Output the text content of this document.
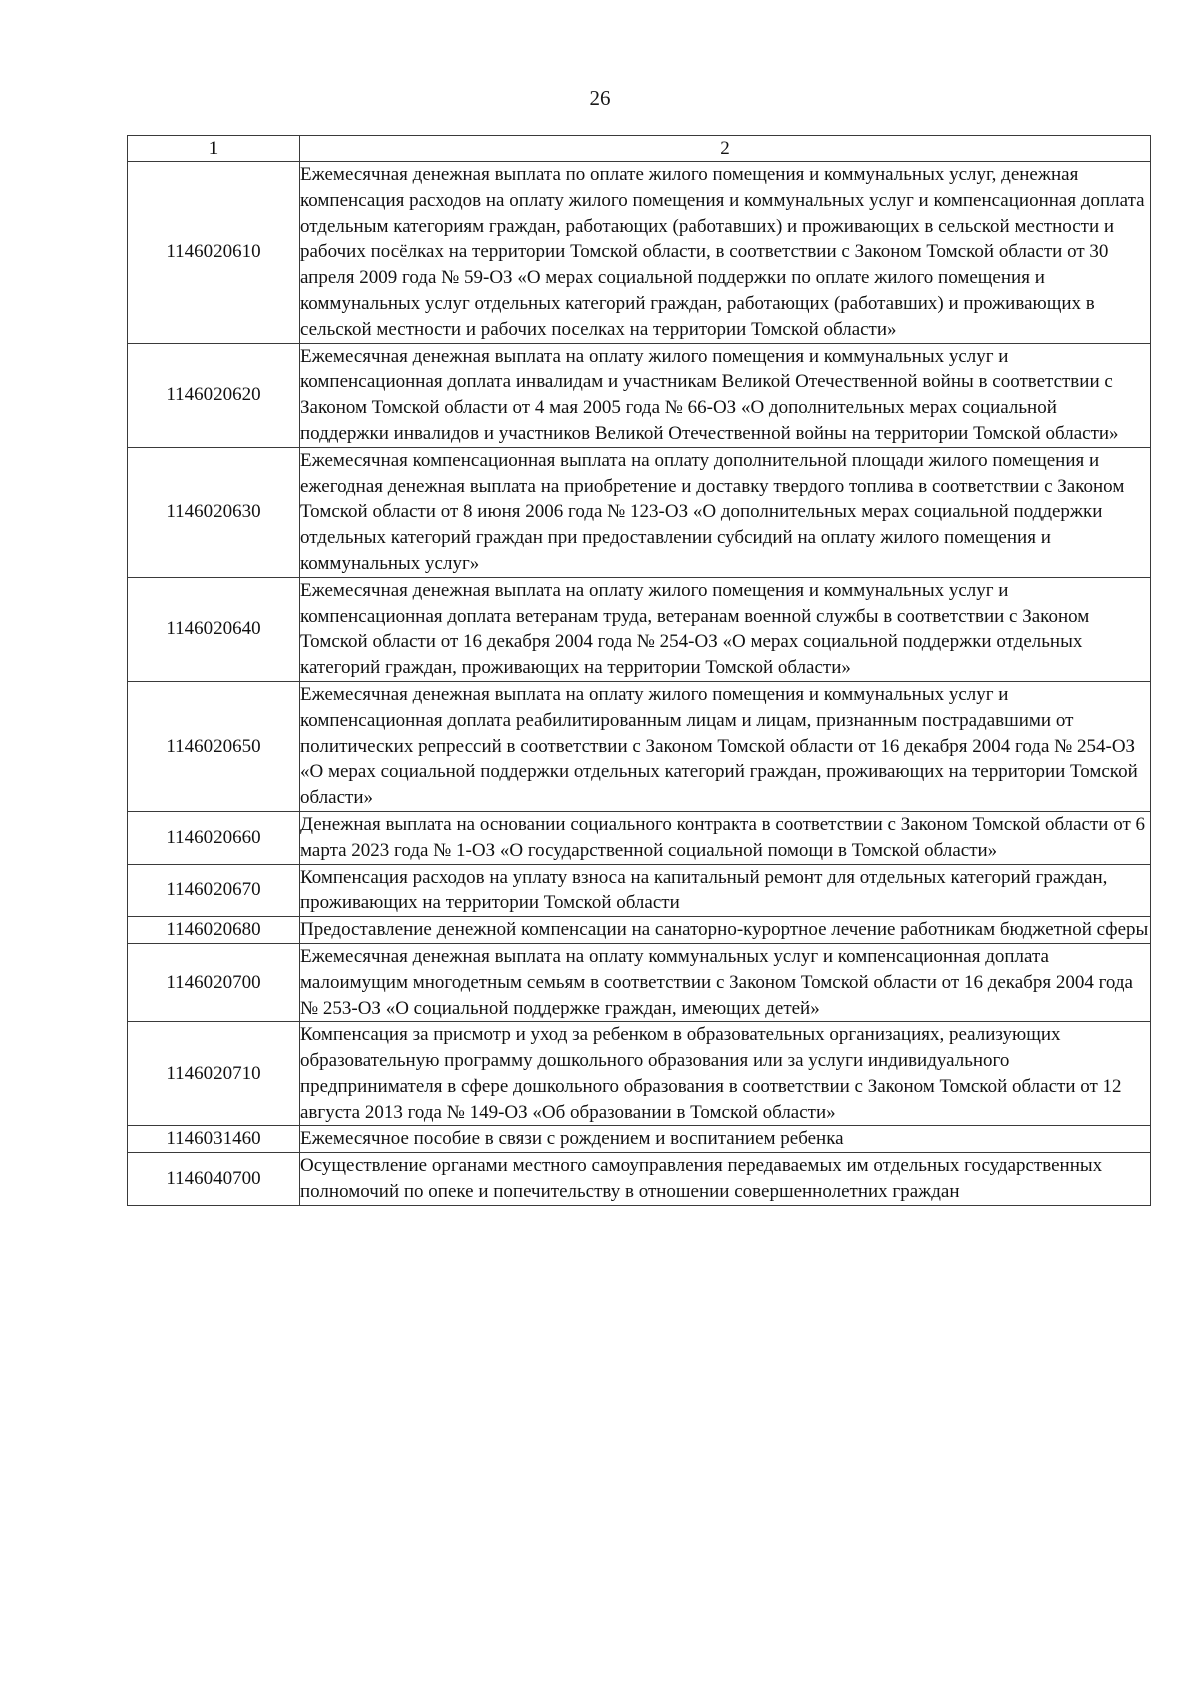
26
1	2
1146020610	Ежемесячная денежная выплата по оплате жилого помещения и коммунальных услуг, денежная компенсация расходов на оплату жилого помещения и коммунальных услуг и компенсационная доплата отдельным категориям граждан, работающих (работавших) и проживающих в сельской местности и рабочих посёлках на территории Томской области, в соответствии с Законом Томской области от 30 апреля 2009 года № 59-ОЗ «О мерах социальной поддержки по оплате жилого помещения и коммунальных услуг отдельных категорий граждан, работающих (работавших) и проживающих в сельской местности и рабочих поселках на территории Томской области»
1146020620	Ежемесячная денежная выплата на оплату жилого помещения и коммунальных услуг и компенсационная доплата инвалидам и участникам Великой Отечественной войны в соответствии с Законом Томской области от 4 мая 2005 года № 66-ОЗ «О дополнительных мерах социальной поддержки инвалидов и участников Великой Отечественной войны на территории Томской области»
1146020630	Ежемесячная компенсационная выплата на оплату дополнительной площади жилого помещения и ежегодная денежная выплата на приобретение и доставку твердого топлива в соответствии с Законом Томской области от 8 июня 2006 года № 123-ОЗ «О дополнительных мерах социальной поддержки отдельных категорий граждан при предоставлении субсидий на оплату жилого помещения и коммунальных услуг»
1146020640	Ежемесячная денежная выплата на оплату жилого помещения и коммунальных услуг и компенсационная доплата ветеранам труда, ветеранам военной службы в соответствии с Законом Томской области от 16 декабря 2004 года № 254-ОЗ «О мерах социальной поддержки отдельных категорий граждан, проживающих на территории Томской области»
1146020650	Ежемесячная денежная выплата на оплату жилого помещения и коммунальных услуг и компенсационная доплата реабилитированным лицам и лицам, признанным пострадавшими от политических репрессий в соответствии с Законом Томской области от 16 декабря 2004 года № 254-ОЗ «О мерах социальной поддержки отдельных категорий граждан, проживающих на территории Томской области»
1146020660	Денежная выплата на основании социального контракта в соответствии с Законом Томской области от 6 марта 2023 года № 1-ОЗ «О государственной социальной помощи в Томской области»
1146020670	Компенсация расходов на уплату взноса на капитальный ремонт для отдельных категорий граждан, проживающих на территории Томской области
1146020680	Предоставление денежной компенсации на санаторно-курортное лечение работникам бюджетной сферы
1146020700	Ежемесячная денежная выплата на оплату коммунальных услуг и компенсационная доплата малоимущим многодетным семьям в соответствии с Законом Томской области от 16 декабря 2004 года № 253-ОЗ «О социальной поддержке граждан, имеющих детей»
1146020710	Компенсация за присмотр и уход за ребенком в образовательных организациях, реализующих образовательную программу дошкольного образования или за услуги индивидуального предпринимателя в сфере дошкольного образования в соответствии с Законом Томской области от 12 августа 2013 года № 149-ОЗ «Об образовании в Томской области»
1146031460	Ежемесячное пособие в связи с рождением и воспитанием ребенка
1146040700	Осуществление органами местного самоуправления передаваемых им отдельных государственных полномочий по опеке и попечительству в отношении совершеннолетних граждан
